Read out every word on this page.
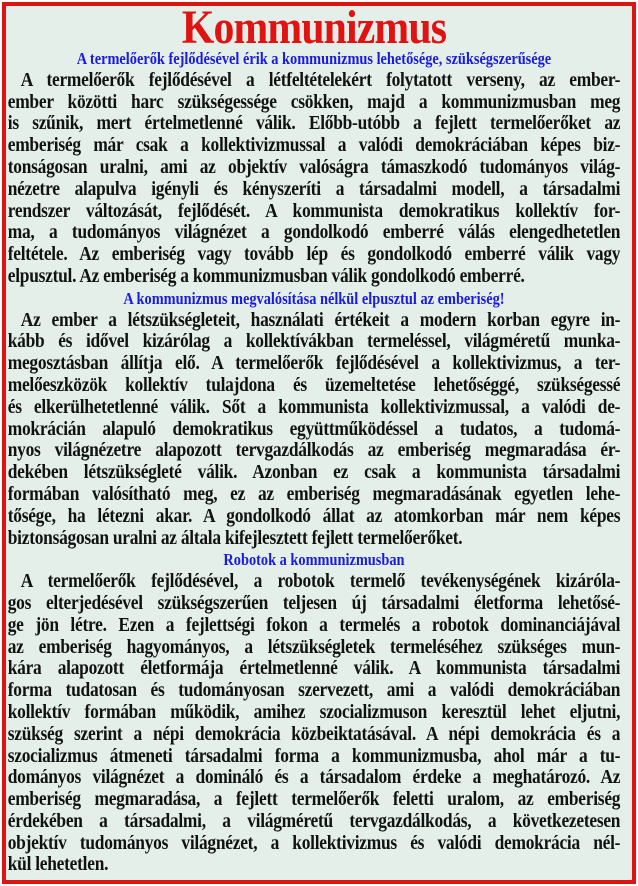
Kommunizmus
A termelőerők fejlődésével érik a kommunizmus lehetősége, szükségszerűsége
A termelőerők fejlődésével a létfeltételekért folytatott verseny, az ember-
ember közötti harc szükségessége csökken, majd a kommunizmusban meg
is szűnik, mert értelmetlenné válik. Előbb-utóbb a fejlett termelőerőket az
emberiség már csak a kollektivizmussal a valódi demokráciában képes biz-
tonságosan uralni, ami az objektív valóságra támaszkodó tudományos világ-
nézetre alapulva igényli és kényszeríti a társadalmi modell, a társadalmi
rendszer változását, fejlődését. A kommunista demokratikus kollektív for-
ma, a tudományos világnézet a gondolkodó emberré válás elengedhetetlen
feltétele. Az emberiség vagy tovább lép és gondolkodó emberré válik vagy
elpusztul. Az emberiség a kommunizmusban válik gondolkodó emberré.
A kommunizmus megvalósítása nélkül elpusztul az emberiség!
Az ember a létszükségleteit, használati értékeit a modern korban egyre in-
kább és idővel kizárólag a kollektívákban termeléssel, világméretű munka-
megosztásban állítja elő. A termelőerők fejlődésével a kollektivizmus, a ter-
melőeszközök kollektív tulajdona és üzemeltetése lehetőséggé, szükségessé
és elkerülhetetlenné válik. Sőt a kommunista kollektivizmussal, a valódi de-
mokrácián alapuló demokratikus együttműködéssel a tudatos, a tudomá-
nyos világnézetre alapozott tervgazdálkodás az emberiség megmaradása ér-
dekében létszükségleté válik. Azonban ez csak a kommunista társadalmi
formában valósítható meg, ez az emberiség megmaradásának egyetlen lehe-
tősége, ha létezni akar. A gondolkodó állat az atomkorban már nem képes
biztonságosan uralni az általa kifejlesztett fejlett termelőerőket.
Robotok a kommunizmusban
A termelőerők fejlődésével, a robotok termelő tevékenységének kizáróla-
gos elterjedésével szükségszerűen teljesen új társadalmi életforma lehetősé-
ge jön létre. Ezen a fejlettségi fokon a termelés a robotok dominanciájával
az emberiség hagyományos, a létszükségletek termeléséhez szükséges mun-
kára alapozott életformája értelmetlenné válik. A kommunista társadalmi
forma tudatosan és tudományosan szervezett, ami a valódi demokráciában
kollektív formában működik, amihez szocializmuson keresztül lehet eljutni,
szükség szerint a népi demokrácia közbeiktatásával. A népi demokrácia és a
szocializmus átmeneti társadalmi forma a kommunizmusba, ahol már a tu-
dományos világnézet a domináló és a társadalom érdeke a meghatározó. Az
emberiség megmaradása, a fejlett termelőerők feletti uralom, az emberiség
érdekében a társadalmi, a világméretű tervgazdálkodás, a következetesen
objektív tudományos világnézet, a kollektivizmus és valódi demokrácia nél-
kül lehetetlen.
